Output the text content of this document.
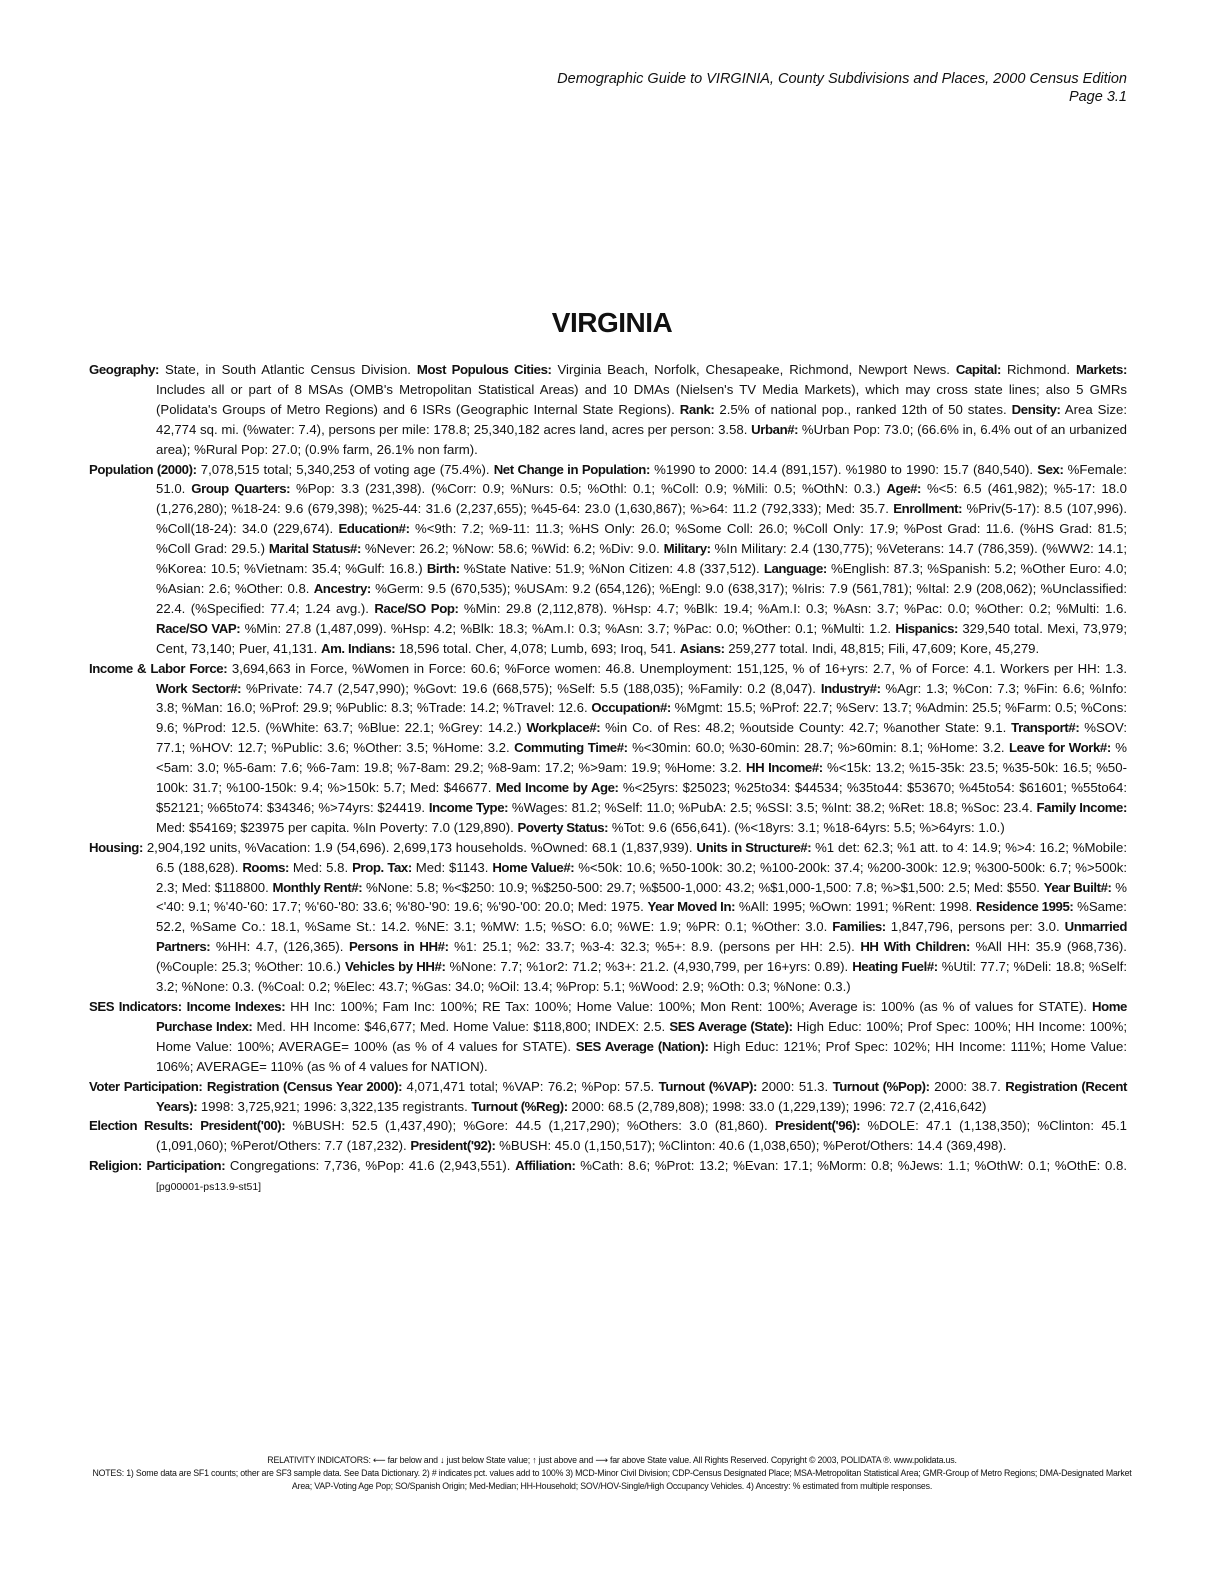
Demographic Guide to VIRGINIA, County Subdivisions and Places, 2000 Census Edition
Page 3.1
VIRGINIA

Geography: State, in South Atlantic Census Division. Most Populous Cities: Virginia Beach, Norfolk, Chesapeake, Richmond, Newport News. Capital: Richmond. Markets: Includes all or part of 8 MSAs (OMB's Metropolitan Statistical Areas) and 10 DMAs (Nielsen's TV Media Markets), which may cross state lines; also 5 GMRs (Polidata's Groups of Metro Regions) and 6 ISRs (Geographic Internal State Regions). Rank: 2.5% of national pop., ranked 12th of 50 states. Density: Area Size: 42,774 sq. mi. (%water: 7.4), persons per mile: 178.8; 25,340,182 acres land, acres per person: 3.58. Urban#: %Urban Pop: 73.0; (66.6% in, 6.4% out of an urbanized area); %Rural Pop: 27.0; (0.9% farm, 26.1% non farm).

Population (2000): 7,078,515 total; 5,340,253 of voting age (75.4%). Net Change in Population: %1990 to 2000: 14.4 (891,157). %1980 to 1990: 15.7 (840,540). Sex: %Female: 51.0. Group Quarters: %Pop: 3.3 (231,398). (%Corr: 0.9; %Nurs: 0.5; %Othl: 0.1; %Coll: 0.9; %Mili: 0.5; %OthN: 0.3.) Age#: %<5: 6.5 (461,982); %5-17: 18.0 (1,276,280); %18-24: 9.6 (679,398); %25-44: 31.6 (2,237,655); %45-64: 23.0 (1,630,867); %>64: 11.2 (792,333); Med: 35.7. Enrollment: %Priv(5-17): 8.5 (107,996). %Coll(18-24): 34.0 (229,674). Education#: %<9th: 7.2; %9-11: 11.3; %HS Only: 26.0; %Some Coll: 26.0; %Coll Only: 17.9; %Post Grad: 11.6. (%HS Grad: 81.5; %Coll Grad: 29.5.) Marital Status#: %Never: 26.2; %Now: 58.6; %Wid: 6.2; %Div: 9.0. Military: %In Military: 2.4 (130,775); %Veterans: 14.7 (786,359). (%WW2: 14.1; %Korea: 10.5; %Vietnam: 35.4; %Gulf: 16.8.) Birth: %State Native: 51.9; %Non Citizen: 4.8 (337,512). Language: %English: 87.3; %Spanish: 5.2; %Other Euro: 4.0; %Asian: 2.6; %Other: 0.8. Ancestry: %Germ: 9.5 (670,535); %USAm: 9.2 (654,126); %Engl: 9.0 (638,317); %Iris: 7.9 (561,781); %Ital: 2.9 (208,062); %Unclassified: 22.4. (%Specified: 77.4; 1.24 avg.). Race/SO Pop: %Min: 29.8 (2,112,878). %Hsp: 4.7; %Blk: 19.4; %Am.I: 0.3; %Asn: 3.7; %Pac: 0.0; %Other: 0.2; %Multi: 1.6. Race/SO VAP: %Min: 27.8 (1,487,099). %Hsp: 4.2; %Blk: 18.3; %Am.I: 0.3; %Asn: 3.7; %Pac: 0.0; %Other: 0.1; %Multi: 1.2. Hispanics: 329,540 total. Mexi, 73,979; Cent, 73,140; Puer, 41,131. Am. Indians: 18,596 total. Cher, 4,078; Lumb, 693; Iroq, 541. Asians: 259,277 total. Indi, 48,815; Fili, 47,609; Kore, 45,279.

Income & Labor Force: 3,694,663 in Force, %Women in Force: 60.6; %Force women: 46.8. Unemployment: 151,125, % of 16+yrs: 2.7, % of Force: 4.1. Workers per HH: 1.3. Work Sector#: %Private: 74.7 (2,547,990); %Govt: 19.6 (668,575); %Self: 5.5 (188,035); %Family: 0.2 (8,047). Industry#: %Agr: 1.3; %Con: 7.3; %Fin: 6.6; %Info: 3.8; %Man: 16.0; %Prof: 29.9; %Public: 8.3; %Trade: 14.2; %Travel: 12.6. Occupation#: %Mgmt: 15.5; %Prof: 22.7; %Serv: 13.7; %Admin: 25.5; %Farm: 0.5; %Cons: 9.6; %Prod: 12.5. (%White: 63.7; %Blue: 22.1; %Grey: 14.2.) Workplace#: %in Co. of Res: 48.2; %outside County: 42.7; %another State: 9.1. Transport#: %SOV: 77.1; %HOV: 12.7; %Public: 3.6; %Other: 3.5; %Home: 3.2. Commuting Time#: %<30min: 60.0; %30-60min: 28.7; %>60min: 8.1; %Home: 3.2. Leave for Work#: %<5am: 3.0; %5-6am: 7.6; %6-7am: 19.8; %7-8am: 29.2; %8-9am: 17.2; %>9am: 19.9; %Home: 3.2. HH Income#: %<15k: 13.2; %15-35k: 23.5; %35-50k: 16.5; %50-100k: 31.7; %100-150k: 9.4; %>150k: 5.7; Med: $46677. Med Income by Age: %<25yrs: $25023; %25to34: $44534; %35to44: $53670; %45to54: $61601; %55to64: $52121; %65to74: $34346; %>74yrs: $24419. Income Type: %Wages: 81.2; %Self: 11.0; %PubA: 2.5; %SSI: 3.5; %Int: 38.2; %Ret: 18.8; %Soc: 23.4. Family Income: Med: $54169; $23975 per capita. %In Poverty: 7.0 (129,890). Poverty Status: %Tot: 9.6 (656,641). (%<18yrs: 3.1; %18-64yrs: 5.5; %>64yrs: 1.0.)

Housing: 2,904,192 units, %Vacation: 1.9 (54,696). 2,699,173 households. %Owned: 68.1 (1,837,939). Units in Structure#: %1 det: 62.3; %1 att. to 4: 14.9; %>4: 16.2; %Mobile: 6.5 (188,628). Rooms: Med: 5.8. Prop. Tax: Med: $1143. Home Value#: %<50k: 10.6; %50-100k: 30.2; %100-200k: 37.4; %200-300k: 12.9; %300-500k: 6.7; %>500k: 2.3; Med: $118800. Monthly Rent#: %None: 5.8; %<$250: 10.9; %$250-500: 29.7; %$500-1,000: 43.2; %$1,000-1,500: 7.8; %>$1,500: 2.5; Med: $550. Year Built#: %<'40: 9.1; %'40-'60: 17.7; %'60-'80: 33.6; %'80-'90: 19.6; %'90-'00: 20.0; Med: 1975. Year Moved In: %All: 1995; %Own: 1991; %Rent: 1998. Residence 1995: %Same: 52.2, %Same Co.: 18.1, %Same St.: 14.2. %NE: 3.1; %MW: 1.5; %SO: 6.0; %WE: 1.9; %PR: 0.1; %Other: 3.0. Families: 1,847,796, persons per: 3.0. Unmarried Partners: %HH: 4.7, (126,365). Persons in HH#: %1: 25.1; %2: 33.7; %3-4: 32.3; %5+: 8.9. (persons per HH: 2.5). HH With Children: %All HH: 35.9 (968,736). (%Couple: 25.3; %Other: 10.6.) Vehicles by HH#: %None: 7.7; %1or2: 71.2; %3+: 21.2. (4,930,799, per 16+yrs: 0.89). Heating Fuel#: %Util: 77.7; %Deli: 18.8; %Self: 3.2; %None: 0.3. (%Coal: 0.2; %Elec: 43.7; %Gas: 34.0; %Oil: 13.4; %Prop: 5.1; %Wood: 2.9; %Oth: 0.3; %None: 0.3.)

SES Indicators: Income Indexes: HH Inc: 100%; Fam Inc: 100%; RE Tax: 100%; Home Value: 100%; Mon Rent: 100%; Average is: 100% (as % of values for STATE). Home Purchase Index: Med. HH Income: $46,677; Med. Home Value: $118,800; INDEX: 2.5. SES Average (State): High Educ: 100%; Prof Spec: 100%; HH Income: 100%; Home Value: 100%; AVERAGE= 100% (as % of 4 values for STATE). SES Average (Nation): High Educ: 121%; Prof Spec: 102%; HH Income: 111%; Home Value: 106%; AVERAGE= 110% (as % of 4 values for NATION).

Voter Participation: Registration (Census Year 2000): 4,071,471 total; %VAP: 76.2; %Pop: 57.5. Turnout (%VAP): 2000: 51.3. Turnout (%Pop): 2000: 38.7. Registration (Recent Years): 1998: 3,725,921; 1996: 3,322,135 registrants. Turnout (%Reg): 2000: 68.5 (2,789,808); 1998: 33.0 (1,229,139); 1996: 72.7 (2,416,642)

Election Results: President('00): %BUSH: 52.5 (1,437,490); %Gore: 44.5 (1,217,290); %Others: 3.0 (81,860). President('96): %DOLE: 47.1 (1,138,350); %Clinton: 45.1 (1,091,060); %Perot/Others: 7.7 (187,232). President('92): %BUSH: 45.0 (1,150,517); %Clinton: 40.6 (1,038,650); %Perot/Others: 14.4 (369,498).

Religion: Participation: Congregations: 7,736, %Pop: 41.6 (2,943,551). Affiliation: %Cath: 8.6; %Prot: 13.2; %Evan: 17.1; %Morm: 0.8; %Jews: 1.1; %OthW: 0.1; %OthE: 0.8. [pg00001-ps13.9-st51]

RELATIVITY INDICATORS: ⟵ far below and ↓ just below State value; ↑ just above and ⟶ far above State value. All Rights Reserved. Copyright © 2003, POLIDATA ®. www.polidata.us.
NOTES: 1) Some data are SF1 counts; other are SF3 sample data. See Data Dictionary. 2) # indicates pct. values add to 100% 3) MCD-Minor Civil Division; CDP-Census Designated Place; MSA-Metropolitan Statistical Area; GMR-Group of Metro Regions; DMA-Designated Market Area; VAP-Voting Age Pop; SO/Spanish Origin; Med-Median; HH-Household; SOV/HOV-Single/High Occupancy Vehicles. 4) Ancestry: % estimated from multiple responses.
